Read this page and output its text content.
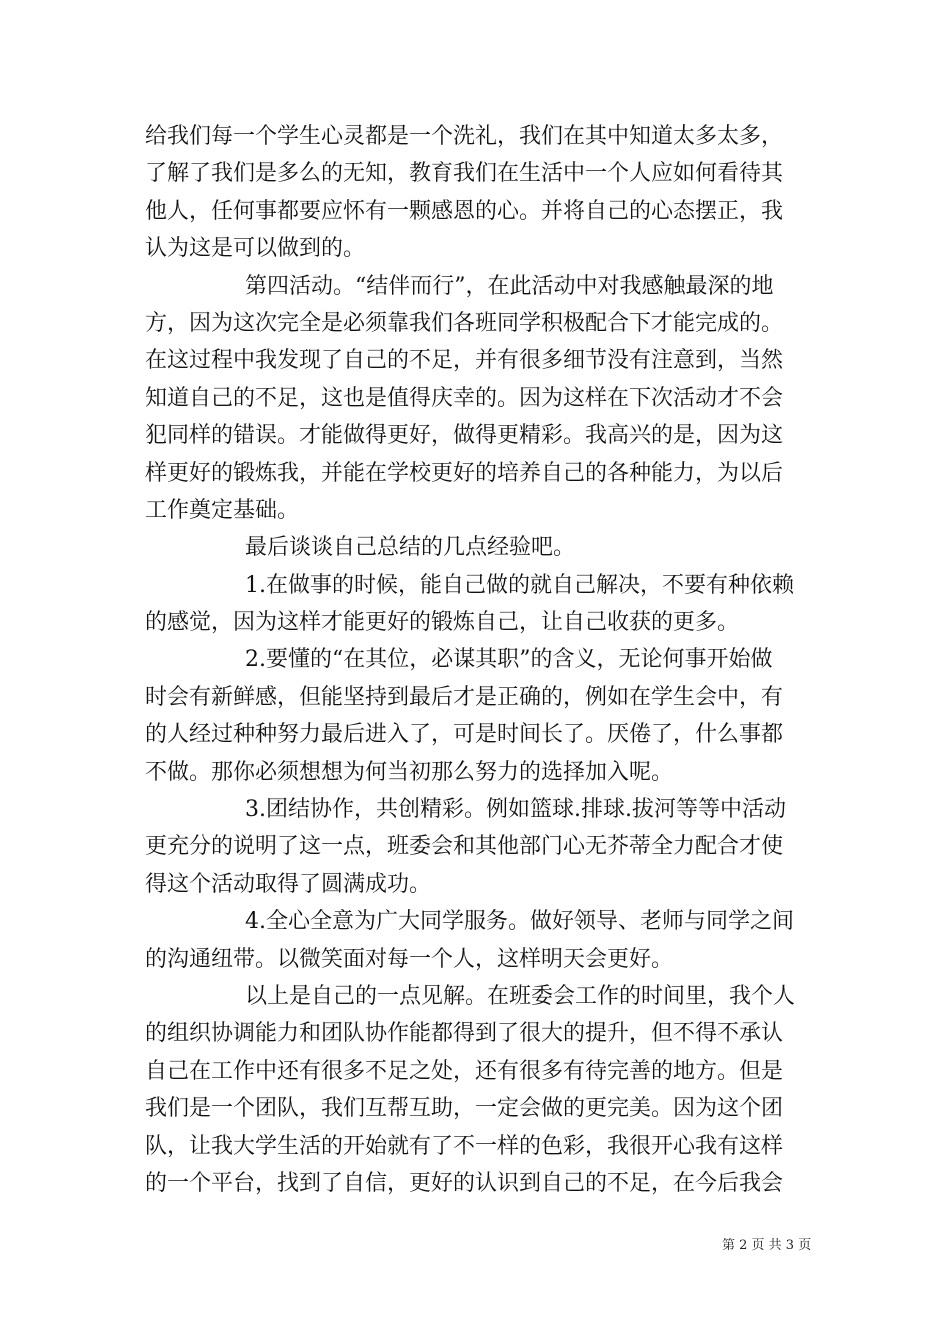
给我们每一个学生心灵都是一个洗礼，我们在其中知道太多太多，
了解了我们是多么的无知，教育我们在生活中一个人应如何看待其
他人，任何事都要应怀有一颗感恩的心。并将自己的心态摆正，我
认为这是可以做到的。
第四活动。“结伴而行”，在此活动中对我感触最深的地
方，因为这次完全是必须靠我们各班同学积极配合下才能完成的。
在这过程中我发现了自己的不足，并有很多细节没有注意到，当然
知道自己的不足，这也是值得庆幸的。因为这样在下次活动才不会
犯同样的错误。才能做得更好，做得更精彩。我高兴的是，因为这
样更好的锻炼我，并能在学校更好的培养自己的各种能力，为以后
工作奠定基础。
最后谈谈自己总结的几点经验吧。
1.在做事的时候，能自己做的就自己解决，不要有种依赖
的感觉，因为这样才能更好的锻炼自己，让自己收获的更多。
2.要懂的“在其位，必谋其职”的含义，无论何事开始做
时会有新鲜感，但能坚持到最后才是正确的，例如在学生会中，有
的人经过种种努力最后进入了，可是时间长了。厌倦了，什么事都
不做。那你必须想想为何当初那么努力的选择加入呢。
3.团结协作，共创精彩。例如篮球.排球.拔河等等中活动
更充分的说明了这一点，班委会和其他部门心无芥蒂全力配合才使
得这个活动取得了圆满成功。
4.全心全意为广大同学服务。做好领导、老师与同学之间
的沟通纽带。以微笑面对每一个人，这样明天会更好。
以上是自己的一点见解。在班委会工作的时间里，我个人
的组织协调能力和团队协作能都得到了很大的提升，但不得不承认
自己在工作中还有很多不足之处，还有很多有待完善的地方。但是
我们是一个团队，我们互帮互助，一定会做的更完美。因为这个团
队，让我大学生活的开始就有了不一样的色彩，我很开心我有这样
的一个平台，找到了自信，更好的认识到自己的不足，在今后我会
第 2 页 共 3 页
